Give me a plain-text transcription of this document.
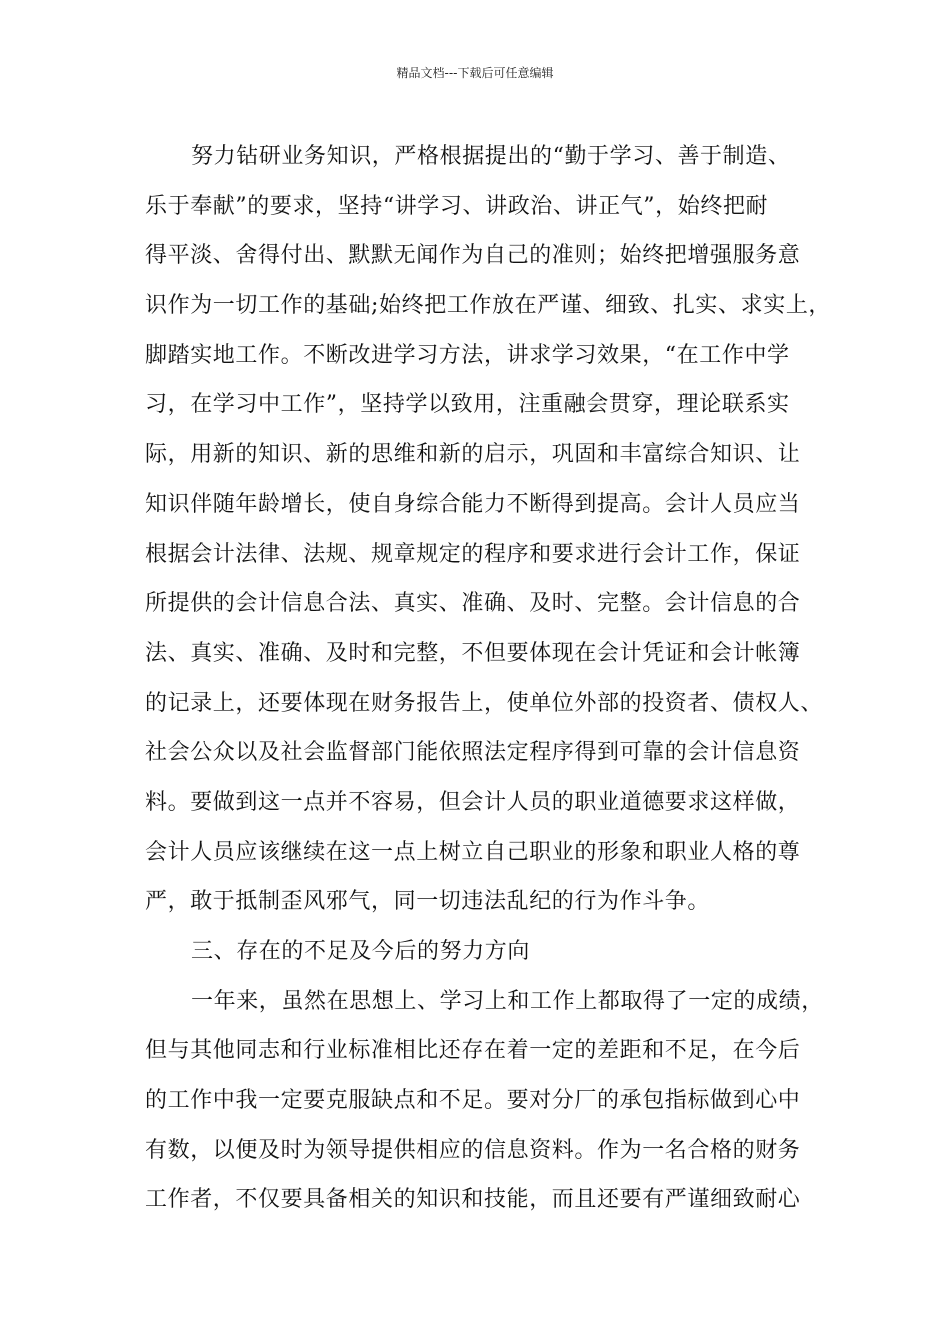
精品文档---下载后可任意编辑
努力钻研业务知识，严格根据提出的“勤于学习、善于制造、
乐于奉献”的要求，坚持“讲学习、讲政治、讲正气”，始终把耐
得平淡、舍得付出、默默无闻作为自己的准则；始终把增强服务意
识作为一切工作的基础;始终把工作放在严谨、细致、扎实、求实上，
脚踏实地工作。不断改进学习方法，讲求学习效果，“在工作中学
习，在学习中工作”，坚持学以致用，注重融会贯穿，理论联系实
际，用新的知识、新的思维和新的启示，巩固和丰富综合知识、让
知识伴随年龄增长，使自身综合能力不断得到提高。会计人员应当
根据会计法律、法规、规章规定的程序和要求进行会计工作，保证
所提供的会计信息合法、真实、准确、及时、完整。会计信息的合
法、真实、准确、及时和完整，不但要体现在会计凭证和会计帐簿
的记录上，还要体现在财务报告上，使单位外部的投资者、债权人、
社会公众以及社会监督部门能依照法定程序得到可靠的会计信息资
料。要做到这一点并不容易，但会计人员的职业道德要求这样做，
会计人员应该继续在这一点上树立自己职业的形象和职业人格的尊
严，敢于抵制歪风邪气，同一切违法乱纪的行为作斗争。
三、存在的不足及今后的努力方向
一年来，虽然在思想上、学习上和工作上都取得了一定的成绩，
但与其他同志和行业标准相比还存在着一定的差距和不足，在今后
的工作中我一定要克服缺点和不足。要对分厂的承包指标做到心中
有数，以便及时为领导提供相应的信息资料。作为一名合格的财务
工作者，不仅要具备相关的知识和技能，而且还要有严谨细致耐心
